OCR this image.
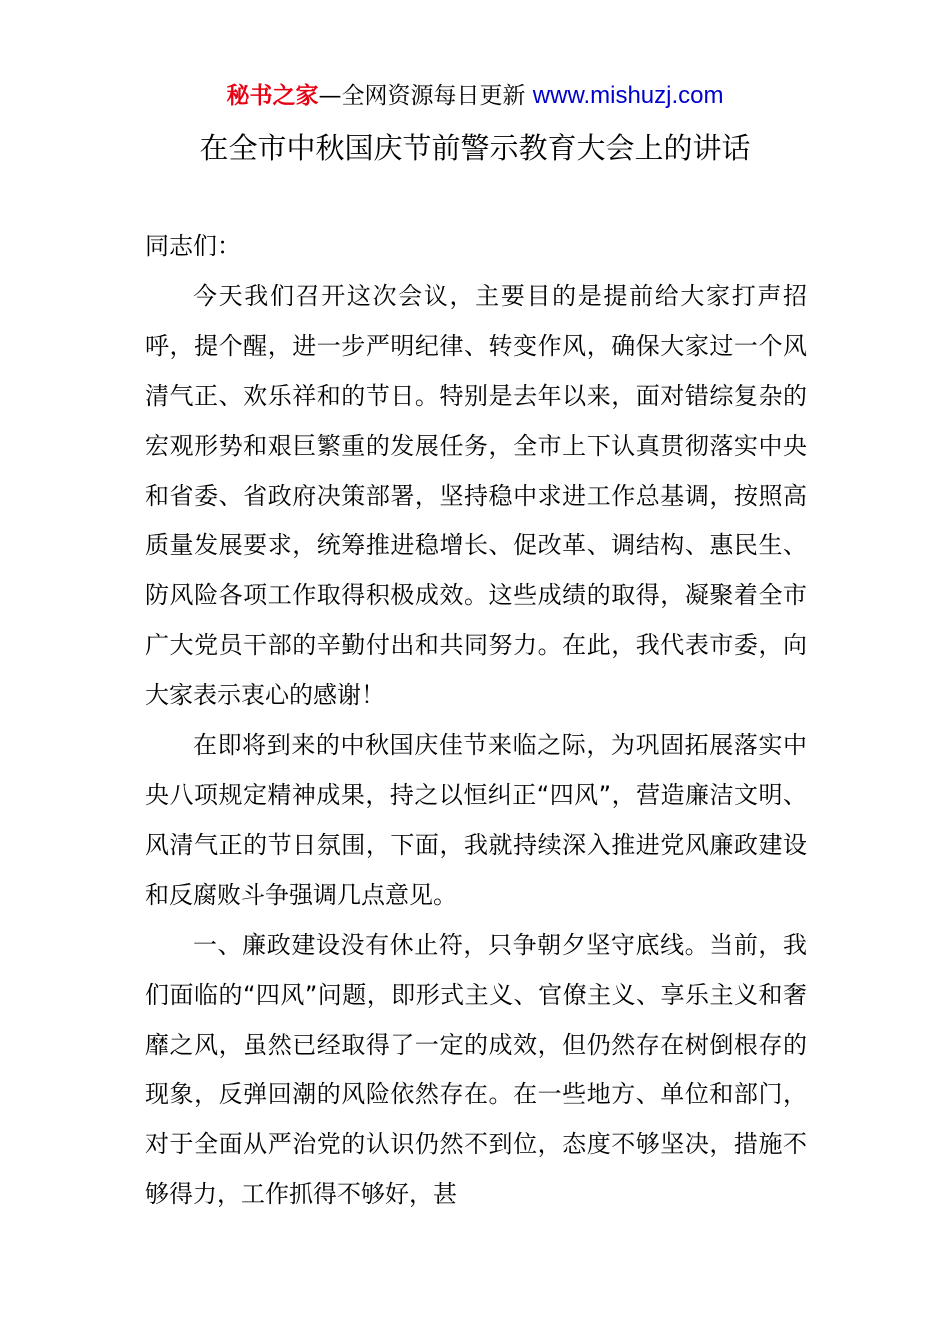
秘书之家—全网资源每日更新 www.mishuzj.com
在全市中秋国庆节前警示教育大会上的讲话

同志们：

今天我们召开这次会议，主要目的是提前给大家打声招呼，提个醒，进一步严明纪律、转变作风，确保大家过一个风清气正、欢乐祥和的节日。特别是去年以来，面对错综复杂的宏观形势和艰巨繁重的发展任务，全市上下认真贯彻落实中央和省委、省政府决策部署，坚持稳中求进工作总基调，按照高质量发展要求，统筹推进稳增长、促改革、调结构、惠民生、防风险各项工作取得积极成效。这些成绩的取得，凝聚着全市广大党员干部的辛勤付出和共同努力。在此，我代表市委，向大家表示衷心的感谢！

在即将到来的中秋国庆佳节来临之际，为巩固拓展落实中央八项规定精神成果，持之以恒纠正“四风”，营造廉洁文明、风清气正的节日氛围，下面，我就持续深入推进党风廉政建设和反腐败斗争强调几点意见。

一、廉政建设没有休止符，只争朝夕坚守底线。当前，我们面临的“四风”问题，即形式主义、官僚主义、享乐主义和奢靡之风，虽然已经取得了一定的成效，但仍然存在树倒根存的现象，反弹回潮的风险依然存在。在一些地方、单位和部门，对于全面从严治党的认识仍然不到位，态度不够坚决，措施不够得力，工作抓得不够好，甚
